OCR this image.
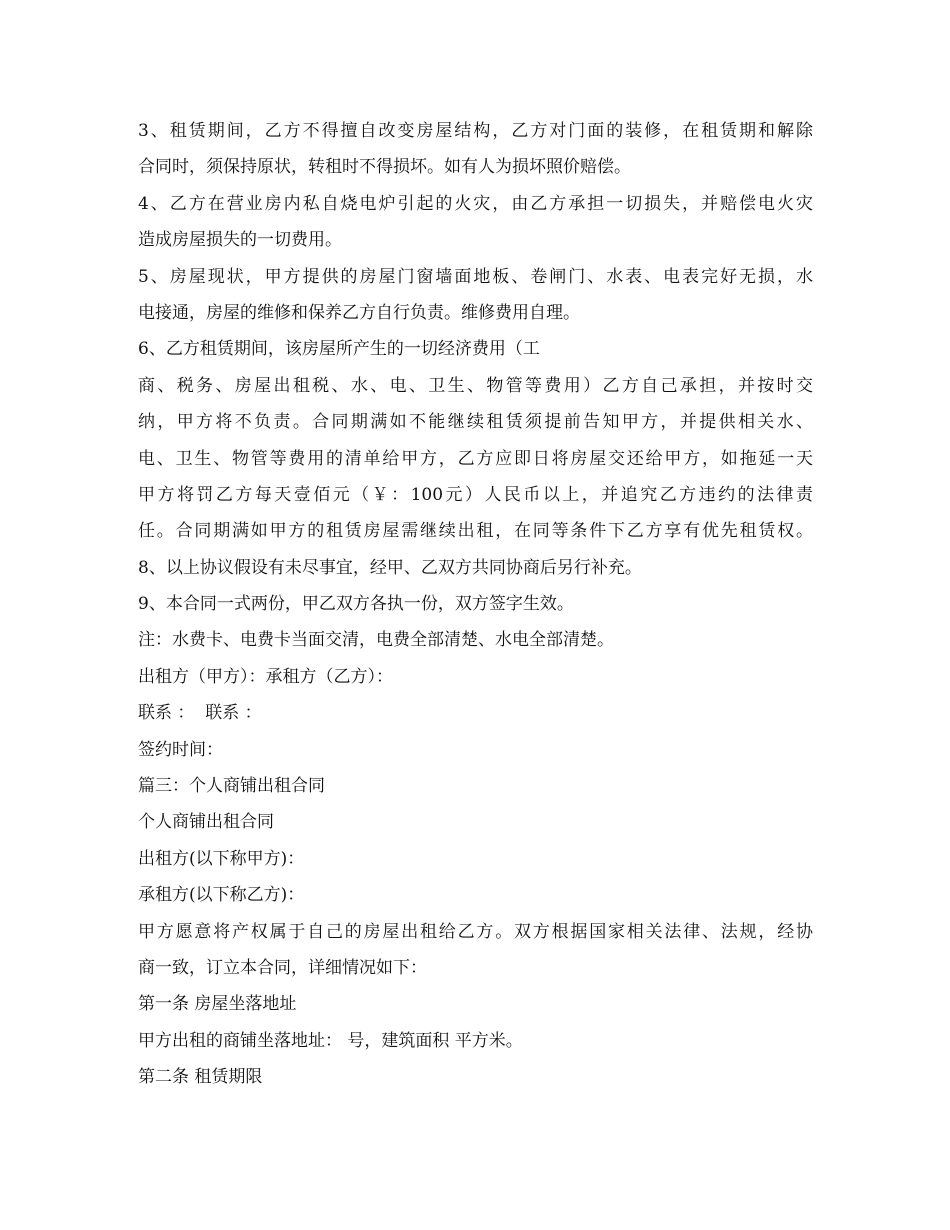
3、租赁期间，乙方不得擅自改变房屋结构，乙方对门面的装修，在租赁期和解除
合同时，须保持原状，转租时不得损坏。如有人为损坏照价赔偿。
4、乙方在营业房内私自烧电炉引起的火灾，由乙方承担一切损失，并赔偿电火灾
造成房屋损失的一切费用。
5、房屋现状，甲方提供的房屋门窗墙面地板、卷闸门、水表、电表完好无损，水
电接通，房屋的维修和保养乙方自行负责。维修费用自理。
6、乙方租赁期间，该房屋所产生的一切经济费用（工
商、税务、房屋出租税、水、电、卫生、物管等费用）乙方自己承担，并按时交
纳，甲方将不负责。合同期满如不能继续租赁须提前告知甲方，并提供相关水、
电、卫生、物管等费用的清单给甲方，乙方应即日将房屋交还给甲方，如拖延一天
甲方将罚乙方每天壹佰元（￥：100元）人民币以上，并追究乙方违约的法律责
任。合同期满如甲方的租赁房屋需继续出租，在同等条件下乙方享有优先租赁权。
8、以上协议假设有未尽事宜，经甲、乙双方共同协商后另行补充。
9、本合同一式两份，甲乙双方各执一份，双方签字生效。
注：水费卡、电费卡当面交清，电费全部清楚、水电全部清楚。
出租方（甲方）：承租方（乙方）：
联系 ：  联系 ：
签约时间：
篇三：个人商铺出租合同
个人商铺出租合同
出租方(以下称甲方)：
承租方(以下称乙方)：
甲方愿意将产权属于自己的房屋出租给乙方。双方根据国家相关法律、法规，经协
商一致，订立本合同，详细情况如下：
第一条 房屋坐落地址
甲方出租的商铺坐落地址： 号，建筑面积 平方米。
第二条 租赁期限
